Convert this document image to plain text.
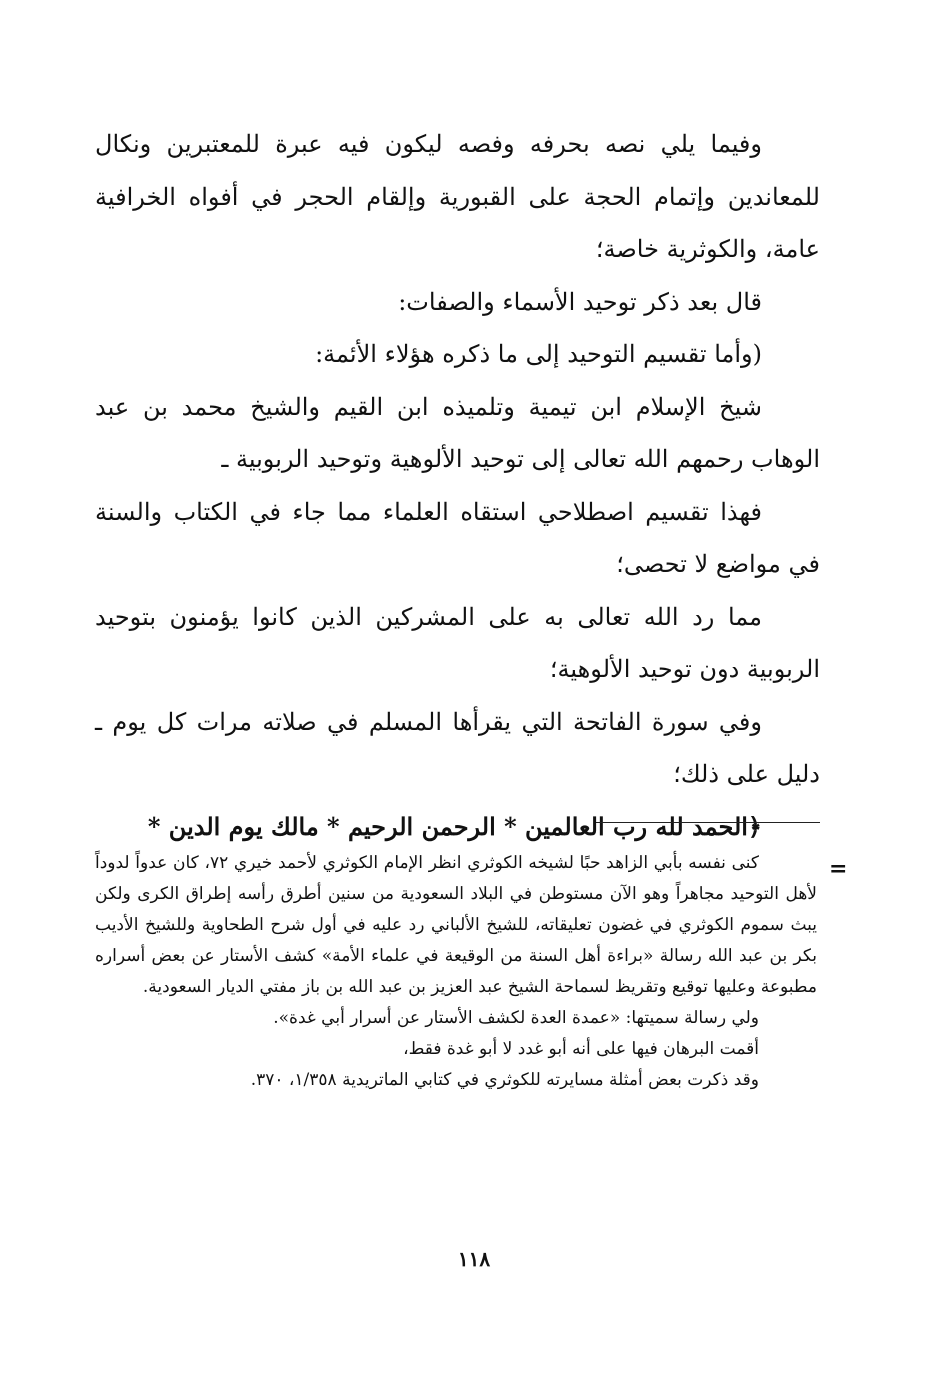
وفيما يلي نصه بحرفه وفصه ليكون فيه عبرة للمعتبرين ونكال للمعاندين وإتمام الحجة على القبورية وإلقام الحجر في أفواه الخرافية عامة، والكوثرية خاصة؛

قال بعد ذكر توحيد الأسماء والصفات:

(وأما تقسيم التوحيد إلى ما ذكره هؤلاء الأئمة:

شيخ الإسلام ابن تيمية وتلميذه ابن القيم والشيخ محمد بن عبد الوهاب رحمهم الله تعالى إلى توحيد الألوهية وتوحيد الربوبية ـ

فهذا تقسيم اصطلاحي استقاه العلماء مما جاء في الكتاب والسنة في مواضع لا تحصى؛

مما رد الله تعالى به على المشركين الذين كانوا يؤمنون بتوحيد الربوبية دون توحيد الألوهية؛

وفي سورة الفاتحة التي يقرأها المسلم في صلاته مرات كل يوم ـ دليل على ذلك؛

﴿الحمد لله رب العالمين * الرحمن الرحيم * مالك يوم الدين *

=

كنى نفسه بأبي الزاهد حبًا لشيخه الكوثري انظر الإمام الكوثري لأحمد خيري ٧٢، كان عدواً لدوداً لأهل التوحيد مجاهراً وهو الآن مستوطن في البلاد السعودية من سنين أطرق رأسه إطراق الكرى ولكن يبث سموم الكوثري في غضون تعليقاته، للشيخ الألباني رد عليه في أول شرح الطحاوية وللشيخ الأديب بكر بن عبد الله رسالة «براءة أهل السنة من الوقيعة في علماء الأمة» كشف الأستار عن بعض أسراره مطبوعة وعليها توقيع وتقريظ لسماحة الشيخ عبد العزيز بن عبد الله بن باز مفتي الديار السعودية.

ولي رسالة سميتها: «عمدة العدة لكشف الأستار عن أسرار أبي غدة».

أقمت البرهان فيها على أنه أبو غدد لا أبو غدة فقط،

وقد ذكرت بعض أمثلة مسايرته للكوثري في كتابي الماتريدية ١/٣٥٨، ٣٧٠.

١١٨
